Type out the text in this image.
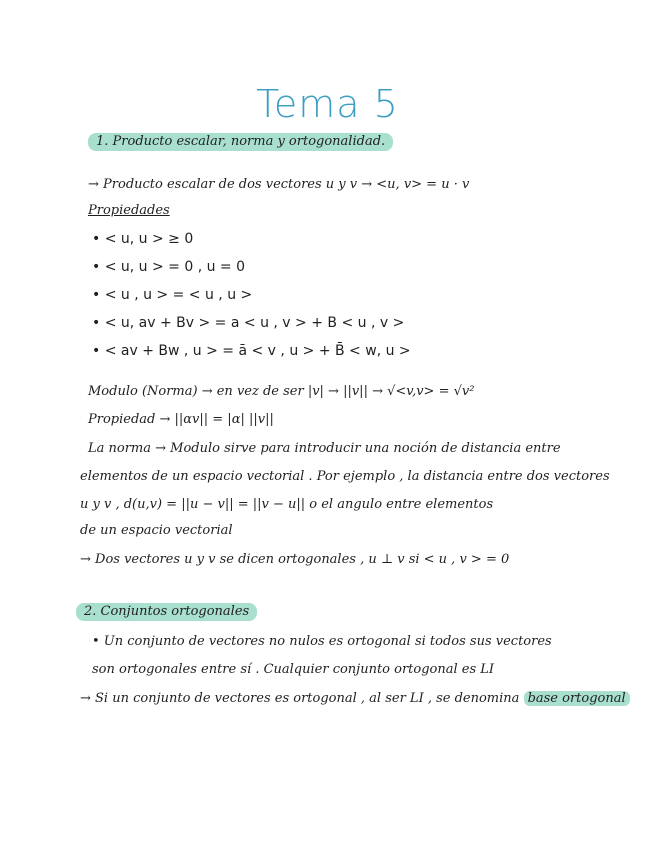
Tema 5
1. Producto escalar, norma y ortogonalidad.
→ Producto escalar de dos vectores u y v → <u, v> = u · v
Propiedades
• < u, u > ≥ 0
• < u, u > = 0 , u = 0
• < u , u > = < u , u >
• < u, av + Bv > = a < u , v > + B < u , v >
• < av + Bw , u > = ā < v , u > + B̄ < w, u >
Modulo (Norma) → en vez de ser |v| → ||v|| → √<v,v> = √v²
Propiedad → ||αv|| = |α| ||v||
La norma → Modulo sirve para introducir una noción de distancia entre
elementos de un espacio vectorial . Por ejemplo , la distancia entre dos vectores
u y v , d(u,v) = ||u − v|| = ||v − u|| o el angulo entre elementos
de un espacio vectorial
→ Dos vectores u y v se dicen ortogonales , u ⊥ v si < u , v > = 0
2. Conjuntos ortogonales
• Un conjunto de vectores no nulos es ortogonal si todos sus vectores
son ortogonales entre sí . Cualquier conjunto ortogonal es LI
→ Si un conjunto de vectores es ortogonal , al ser LI , se denomina base ortogonal
